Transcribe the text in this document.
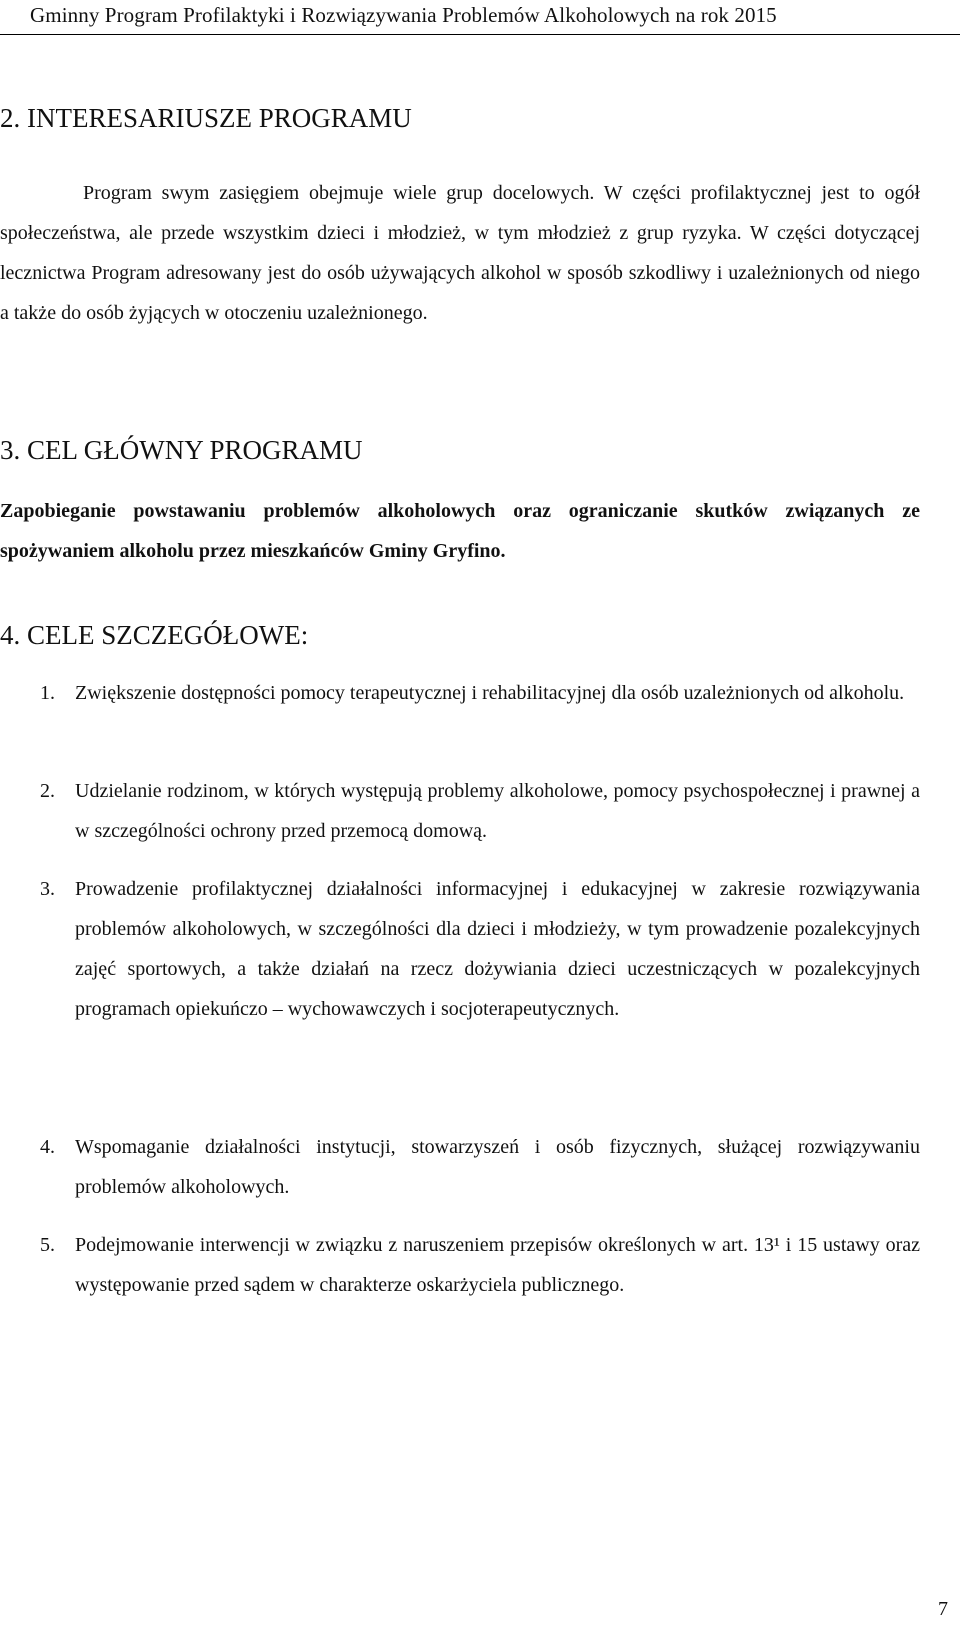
Gminny Program Profilaktyki i Rozwiązywania Problemów Alkoholowych na rok 2015
2. INTERESARIUSZE PROGRAMU
Program swym zasięgiem obejmuje wiele grup docelowych. W części profilaktycznej jest to ogół społeczeństwa, ale przede wszystkim dzieci i młodzież, w tym młodzież z grup ryzyka. W części dotyczącej lecznictwa Program adresowany jest do osób używających alkohol w sposób szkodliwy i uzależnionych od niego a także do osób żyjących w otoczeniu uzależnionego.
3. CEL GŁÓWNY PROGRAMU
Zapobieganie powstawaniu problemów alkoholowych oraz ograniczanie skutków związanych ze spożywaniem alkoholu przez mieszkańców Gminy Gryfino.
4. CELE SZCZEGÓŁOWE:
1. Zwiększenie dostępności pomocy terapeutycznej i rehabilitacyjnej dla osób uzależnionych od alkoholu.
2. Udzielanie rodzinom, w których występują problemy alkoholowe, pomocy psychospołecznej i prawnej a w szczególności ochrony przed przemocą domową.
3. Prowadzenie profilaktycznej działalności informacyjnej i edukacyjnej w zakresie rozwiązywania problemów alkoholowych, w szczególności dla dzieci i młodzieży, w tym prowadzenie pozalekcyjnych zajęć sportowych, a także działań na rzecz dożywiania dzieci uczestniczących w pozalekcyjnych programach opiekuńczo – wychowawczych i socjoterapeutycznych.
4. Wspomaganie działalności instytucji, stowarzyszeń i osób fizycznych, służącej rozwiązywaniu problemów alkoholowych.
5. Podejmowanie interwencji w związku z naruszeniem przepisów określonych w art. 13¹ i 15 ustawy oraz występowanie przed sądem w charakterze oskarżyciela publicznego.
7
